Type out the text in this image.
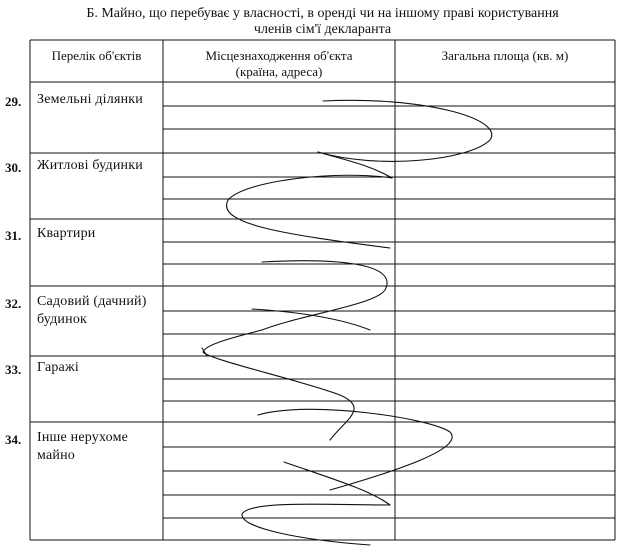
Б. Майно, що перебуває у власності, в оренді чи на іншому праві користування
членів сім'ї декларанта
Перелік об'єктів	Місцезнаходження об'єкта
(країна, адреса)
Загальна площа (кв. м)
29. Земельні ділянки
30. Житлові будинки
31. Квартири
32. Садовий (дачний)
будинок
33. Гаражі
34. Інше нерухоме
майно
